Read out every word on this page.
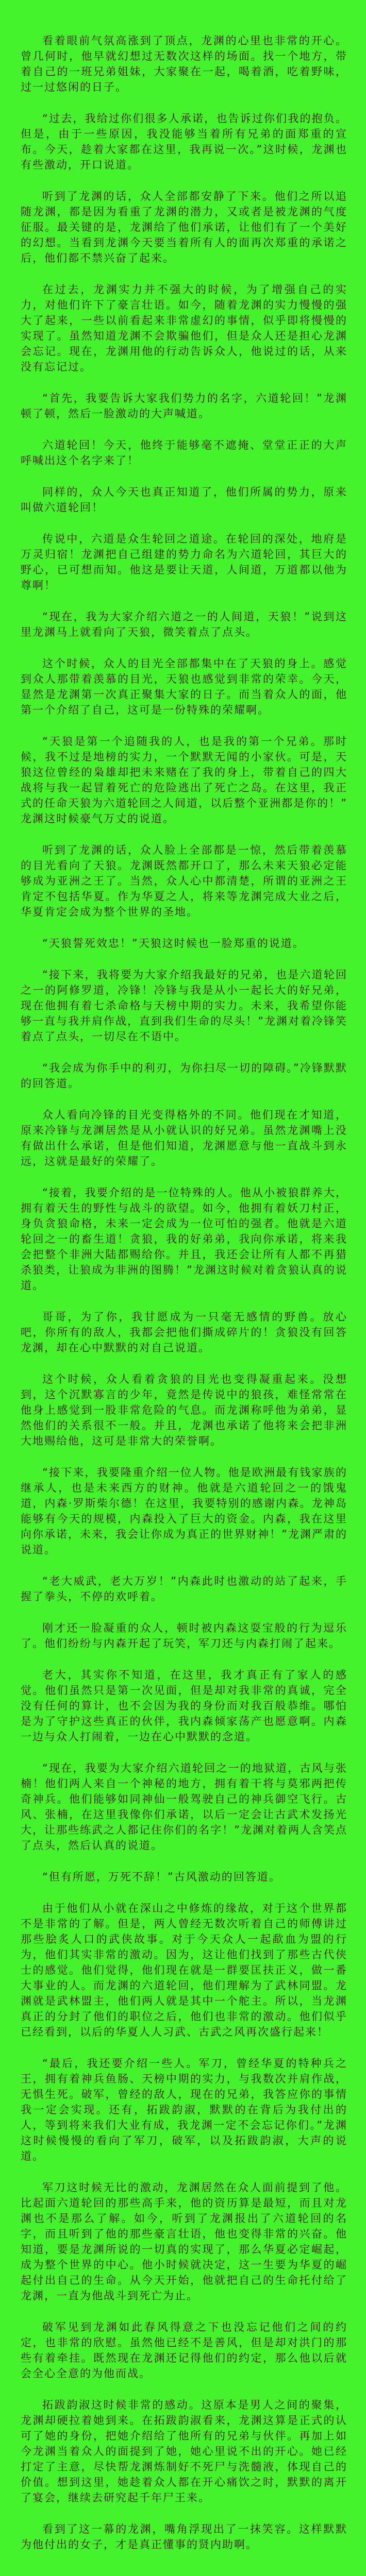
看着眼前气氛高涨到了顶点，龙渊的心里也非常的开心。曾几何时，他早就幻想过无数次这样的场面。找一个地方，带着自己的一班兄弟姐妹，大家聚在一起，喝着酒，吃着野味，过一过悠闲的日子。

“过去，我给过你们很多人承诺，也告诉过你们我的抱负。但是，由于一些原因，我没能够当着所有兄弟的面郑重的宣布。今天，趁着大家都在这里，我再说一次。”这时候，龙渊也有些激动，开口说道。

听到了龙渊的话，众人全部都安静了下来。他们之所以追随龙渊，都是因为看重了龙渊的潜力，又或者是被龙渊的气度征服。最关键的是，龙渊给了他们承诺，让他们有了一个美好的幻想。当看到龙渊今天要当着所有人的面再次郑重的承诺之后，他们都不禁兴奋了起来。

在过去，龙渊实力并不强大的时候，为了增强自己的实力，对他们许下了豪言壮语。如今，随着龙渊的实力慢慢的强大了起来，一些以前看起来非常虚幻的事情，似乎即将慢慢的实现了。虽然知道龙渊不会欺骗他们，但是众人还是担心龙渊会忘记。现在，龙渊用他的行动告诉众人，他说过的话，从来没有忘记过。

“首先，我要告诉大家我们势力的名字，六道轮回！”龙渊顿了顿，然后一脸激动的大声喊道。

六道轮回！今天，他终于能够毫不遮掩、堂堂正正的大声呼喊出这个名字来了！

同样的，众人今天也真正知道了，他们所属的势力，原来叫做六道轮回！

传说中，六道是众生轮回之道途。在轮回的深处，地府是万灵归宿！龙渊把自己组建的势力命名为六道轮回，其巨大的野心，已可想而知。他这是要让天道，人间道，万道都以他为尊啊！

“现在，我为大家介绍六道之一的人间道，天狼！”说到这里龙渊马上就看向了天狼，微笑着点了点头。

这个时候，众人的目光全部都集中在了天狼的身上。感觉到众人那带着羡慕的目光，天狼也感觉到非常的荣幸。今天，显然是龙渊第一次真正聚集大家的日子。而当着众人的面，他第一个介绍了自己，这可是一份特殊的荣耀啊。

“天狼是第一个追随我的人，也是我的第一个兄弟。那时候，我不过是地榜的实力，一个默默无闻的小家伙。可是，天狼这位曾经的枭雄却把未来赌在了我的身上，带着自己的四大战将与我一起冒着死亡的危险逃出了死亡之岛。在这里，我正式的任命天狼为六道轮回之人间道，以后整个亚洲都是你的！”龙渊这时候豪气万丈的说道。

听到了龙渊的话，众人脸上全部都是一惊，然后带着羡慕的目光看向了天狼。龙渊既然都开口了，那么未来天狼必定能够成为亚洲之王了。当然，众人心中都清楚，所谓的亚洲之王肯定不包括华夏。作为华夏之人，将来等龙渊完成大业之后，华夏肯定会成为整个世界的圣地。

“天狼誓死效忠！”天狼这时候也一脸郑重的说道。

“接下来，我将要为大家介绍我最好的兄弟，也是六道轮回之一的阿修罗道，冷锋！冷锋与我是从小一起长大的好兄弟，现在他拥有着七杀命格与天榜中期的实力。未来，我希望你能够一直与我并肩作战，直到我们生命的尽头！”龙渊对着冷锋笑着点了点头，一切尽在不语中。

“我会成为你手中的利刃，为你扫尽一切的障碍。”冷锋默默的回答道。

众人看向冷锋的目光变得格外的不同。他们现在才知道，原来冷锋与龙渊居然是从小就认识的好兄弟。虽然龙渊嘴上没有做出什么承诺，但是他们知道，龙渊愿意与他一直战斗到永远，这就是最好的荣耀了。

“接着，我要介绍的是一位特殊的人。他从小被狼群养大，拥有着天生的野性与战斗的欲望。如今，他拥有着妖刀村正，身负贪狼命格，未来一定会成为一位可怕的强者。他就是六道轮回之一的畜生道！贪狼，我的好弟弟，我向你承诺，将来我会把整个非洲大陆都赐给你。并且，我还会让所有人都不再猎杀狼类，让狼成为非洲的图腾！”龙渊这时候对着贪狼认真的说道。

哥哥，为了你，我甘愿成为一只毫无感情的野兽。放心吧，你所有的敌人，我都会把他们撕成碎片的！贪狼没有回答龙渊，却在心中默默的对自己说道。

这个时候，众人看着贪狼的目光也变得凝重起来。没想到，这个沉默寡言的少年，竟然是传说中的狼孩，难怪常常在他身上感觉到一股非常危险的气息。而龙渊称呼他为弟弟，显然他们的关系很不一般。并且，龙渊也承诺了他将来会把非洲大地赐给他，这可是非常大的荣誉啊。

“接下来，我要隆重介绍一位人物。他是欧洲最有钱家族的继承人，也是未来西方的财神。他就是六道轮回之一的饿鬼道，内森·罗斯柴尔德！在这里，我要特别的感谢内森。龙神岛能够有今天的规模，内森投入了巨大的资金。内森，我在这里向你承诺，未来，我会让你成为真正的世界财神！”龙渊严肃的说道。

“老大威武，老大万岁！”内森此时也激动的站了起来，手握了拳头，不停的欢呼着。

刚才还一脸凝重的众人，顿时被内森这耍宝般的行为逗乐了。他们纷纷与内森开起了玩笑，军刀还与内森打闹了起来。

老大，其实你不知道，在这里，我才真正有了家人的感觉。他们虽然只是第一次见面，但是却对我非常的真诚，完全没有任何的算计，也不会因为我的身份而对我百般恭维。哪怕是为了守护这些真正的伙伴，我内森倾家荡产也愿意啊。内森一边与众人打闹着，一边在心中默默的念道。

“现在，我要为大家介绍六道轮回之一的地狱道，古风与张楠！他们两人来自一个神秘的地方，拥有着干将与莫邪两把传奇神兵。他们能够如同神仙一般驾驶自己的神兵御空飞行。古风、张楠，在这里我像你们承诺，以后一定会让古武术发扬光大，让那些练武之人都记住你们的名字！”龙渊对着两人含笑点了点头，然后认真的说道。

“但有所愿，万死不辞！”古风激动的回答道。

由于他们从小就在深山之中修炼的缘故，对于这个世界都不是非常的了解。但是，两人曾经无数次听着自己的师傅讲过那些脍炙人口的武侠故事。对于今天众人一起歃血为盟的行为，他们其实非常的激动。因为，这让他们找到了那些古代侠士的感觉。他们觉得，他们现在就是一群要匡扶正义，做一番大事业的人。而龙渊的六道轮回，他们理解为了武林同盟。龙渊就是武林盟主，他们两人就是其中一个舵主。所以，当龙渊真正的分封了他们的职位之后，他们也非常的激动。他们似乎已经看到，以后的华夏人人习武、古武之风再次盛行起来！

“最后，我还要介绍一些人。军刀，曾经华夏的特种兵之王，拥有着神兵鱼肠、天榜中期的实力，与我数次并肩作战，无惧生死。破军，曾经的敌人，现在的兄弟，我答应你的事情我一定会实现。还有，拓跋韵淑，默默的在背后为我付出的人，等到将来我们大业有成，我龙渊一定不会忘记你们。”龙渊这时候慢慢的看向了军刀，破军，以及拓跋韵淑，大声的说道。

军刀这时候无比的激动，龙渊居然在众人面前提到了他。比起面六道轮回的那些高手来，他的资历算是最短，而且对龙渊也不是那么了解。如今，听到了龙渊报出了六道轮回的名字，而且听到了他的那些豪言壮语，他也变得非常的兴奋。他知道，要是龙渊所说的一切真的实现了，那么华夏必定崛起，成为整个世界的中心。他小时候就决定，这一生要为华夏的崛起付出自己的生命。从今天开始，他就把自己的生命托付给了龙渊，一直为他战斗到死亡为止。

破军见到龙渊如此春风得意之下也没忘记他们之间的约定，也非常的欣慰。虽然他已经不是善风，但是却对洪门的那些有着牵挂。既然现在龙渊还记得他们的约定，那么他以后就会全心全意的为他而战。

拓跋韵淑这时候非常的感动。这原本是男人之间的聚集，龙渊却硬拉着她到来。在拓跋韵淑看来，龙渊这算是正式的认可了她的身份，把她介绍给了他所有的兄弟与伙伴。再加上如今龙渊当着众人的面提到了她，她心里说不出的开心。她已经打定了主意，尽快帮龙渊炼制好不死尸与洗髓液，体现自己的价值。想到这里，她趁着众人都在开心痛饮之时，默默的离开了宴会，继续去研究起千年尸王来。

看到了这一幕的龙渊，嘴角浮现出了一抹笑容。这样默默为他付出的女子，才是真正懂事的贤内助啊。
